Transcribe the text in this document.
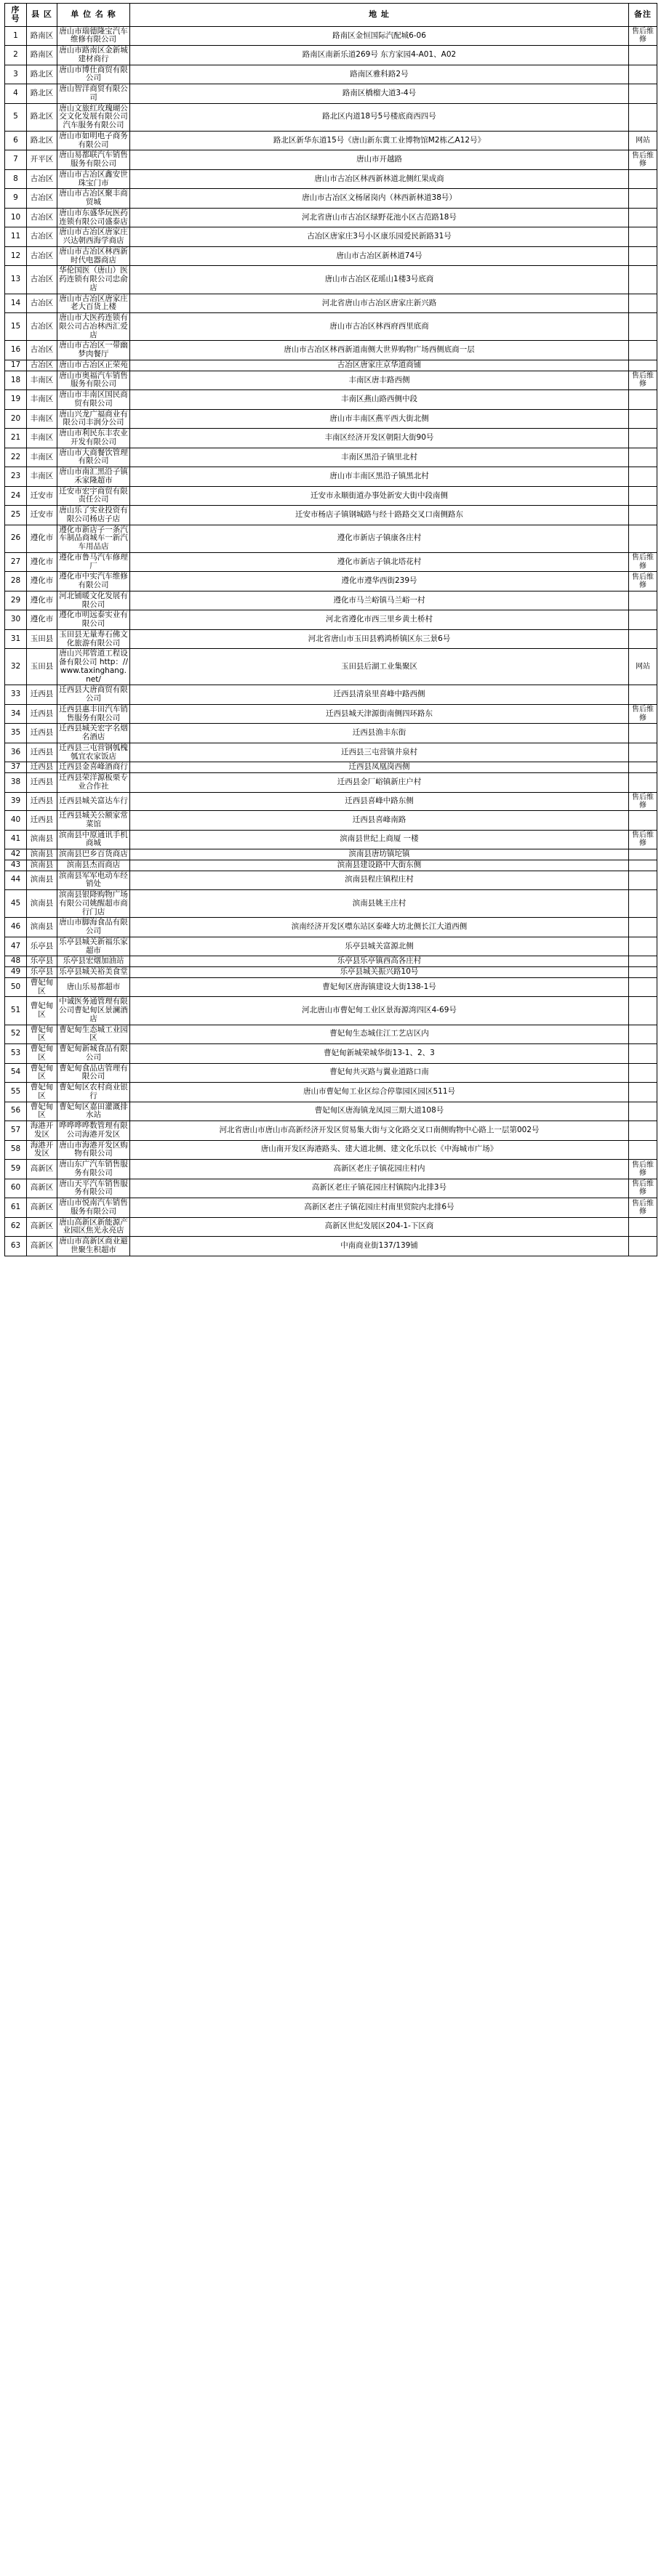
序 号	县 区	单 位 名 称	地 址	备注
1	路南区	唐山市瑞德隆宝汽车维修有限公司	路南区金恒国际汽配城6-06	售后维修
2	路南区	唐山市路南区金新城建材商行	路南区南新乐道269号 东方家园4-A01、A02	
3	路北区	唐山市博仕商贸有限公司	路南区雅科路2号	
4	路北区	唐山智洋商贸有限公司	路南区橋榴大道3-4号	
5	路北区	唐山文旅红玫瑰瑚公交文化发展有限公司汽车服务有限公司	路北区内道18号5号楼底商西四号	
6	路北区	唐山市如明电子商务有限公司	路北区新华东道15号《唐山新东冀工业博物馆M2栋乙A12号》	网站
7	开平区	唐山易都联汽车销售服务有限公司	唐山市开越路	售后维修
8	古冶区	唐山市古冶区鑫安世珠宝门市	唐山市古冶区林西新林道北侧红果成商	
9	古冶区	唐山市古冶区聚丰商贸城	唐山市古冶区文杨屠岗内（林西新林道38号）	
10	古冶区	唐山市东盛华玩医药连锁有限公司盛泰店	河北省唐山市古冶区绿野花池小区古范路18号	
11	古冶区	唐山市古冶区唐家庄兴达朝西海学商店	古冶区唐家庄3号小区康乐园爱民新路31号	
12	古冶区	唐山市古冶区林西新时代电器商店	唐山市古冶区新林道74号	
13	古冶区	华伦国医（唐山）医药连锁有限公司忠俞店	唐山市古冶区花瑶山1楼3号底商	
14	古冶区	唐山市古冶区唐家庄老大百货上楼	河北省唐山市古冶区唐家庄新兴路	
15	古冶区	唐山市大医药连锁有限公司古冶林西汇爱店	唐山市古冶区林西府西里底商	
16	古冶区	唐山市古冶区一带幽梦肉餐厅	唐山市古冶区林西新道南侧大世界购物广场西侧底商一层	
17	古冶区	唐山市古冶区正荣苑	古冶区唐家庄京华道商铺	
18	丰南区	唐山市奥福汽车销售服务有限公司	丰南区唐丰路西侧	售后维修
19	丰南区	唐山市丰南区国民商贸有限公司	丰南区燕山路西侧中段	
20	丰南区	唐山兴龙广福商业有限公司丰润分公司	唐山市丰南区燕平西大街北侧	
21	丰南区	唐山市利民东丰农业开发有限公司	丰南区经济开发区朝阳大街90号	
22	丰南区	唐山市大商餐饮管理有限公司	丰南区黑沿子镇里北村	
23	丰南区	唐山市南汇黑沿子镇禾家隆超市	唐山市丰南区黑沿子镇黑北村	
24	迁安市	迁安市宏宇商贸有限责任公司	迁安市永顺街道办事处新安大街中段南侧	
25	迁安市	唐山乐了实业投资有限公司杨店子店	迁安市杨店子镇钢城路与经十路路交叉口南侧路东	
26	遵化市	遵化市新店子一条汽车制品商城车一新汽车用品店	遵化市新店子镇康各庄村	
27	遵化市	遵化市鲁马汽车修理厂	遵化市新店子镇北塔花村	售后维修
28	遵化市	遵化市中实汽车维修有限公司	遵化市遵华西街239号	售后维修
29	遵化市	河北铺暖文化发展有限公司	遵化市马兰峪镇马兰峪一村	
30	遵化市	遵化市明远泰实业有限公司	河北省遵化市西三里乡黄土桥村	
31	玉田县	玉田县无量寿石佛文化旅游有限公司	河北省唐山市玉田县鸦鸿桥镇区东三景6号	
32	玉田县	唐山兴邦管道工程设备有限公司 http：//www.taxinghang.net/	玉田县后湖工业集聚区	网站
33	迁西县	迁西县大唐商贸有限公司	迁西县清泉里喜峰中路西侧	
34	迁西县	迁西县惠丰田汽车销售服务有限公司	迁西县城天津源街南侧四环路东	售后维修
35	迁西县	迁西县城关宏字名烟名酒店	迁西县渔丰东街	
36	迁西县	迁西县三屯营钢瓠槐瓠宜农家饭店	迁西县三屯营镇井泉村	
37	迁西县	迁西县金喜峰酒商行	迁西县凤凰岗西侧	
38	迁西县	迁西县荣洋源板栗专业合作社	迁西县金厂峪镇新庄户村	
39	迁西县	迁西县城关富达车行	迁西县喜峰中路东侧	售后维修
40	迁西县	迁西县城关公额家常菜馆	迁西县喜峰南路	
41	滨南县	滨南县中原通讯手机商城	滨南县世纪上商厦 一楼	售后维修
42	滨南县	滨南县巴乡百货商店	滨南县唐坊镇坨镇	
43	滨南县	滨南县杰而商店	滨南县建设路中大街东侧	
44	滨南县	滨南县军军电动车经销处	滨南县程庄镇程庄村	
45	滨南县	滨南县银降购物广场有限公司姚醒超市商行门店	滨南县姚王庄村	
46	滨南县	唐山市脚海食品有限公司	滨南经济开发区噤东站区泰峰大坊北侧长江大道西侧	
47	乐亭县	乐亭县城关新福乐家超市	乐亭县城关富源北侧	
48	乐亭县	乐亭县宏烟加油站	乐亭县乐亭镇西高各庄村	
49	乐亭县	乐亭县城关裕美食堂	乐亭县城关振兴路10号	
50	曹妃甸区	唐山乐易都超市	曹妃甸区唐海镇建设大街138-1号	
51	曹妃甸区	中诚医务通管理有限公司曹妃甸区景澜酒店	河北唐山市曹妃甸工业区景海源湾四区4-69号	
52	曹妃甸区	曹妃甸生态城工业园区	曹妃甸生态城住江工艺店区内	
53	曹妃甸区	曹妃甸新城食品有限公司	曹妃甸新城荣城华街13-1、2、3	
54	曹妃甸区	曹妃甸食品店管理有限公司	曹妃甸共灭路与翼业道路口南	
55	曹妃甸区	曹妃甸区农村商业银行	唐山市曹妃甸工业区综合停靠园区园区511号	
56	曹妃甸区	曹妃甸区嘉田灌溉排水站	曹妃甸区唐海镇龙凤园三期大道108号	
57	海港开发区	哗哗哗哗数管理有限公司海港开发区	河北省唐山市唐山市高新经济开发区贸易集大街与文化路交叉口南侧购物中心路上一层第002号	
58	海港开发区	唐山市海港开发区购物有限公司	唐山南开发区海港路头、建大道北侧、建文化乐以长《中海城市广场》	
59	高新区	唐山东广汽车销售服务有限公司	高新区老庄子镇花园庄村内	售后维修
60	高新区	唐山天平汽车销售服务有限公司	高新区老庄子镇花园庄村镇院内北排3号	售后维修
61	高新区	唐山市悦南汽车销售服务有限公司	高新区老庄子镇花园庄村南里贸院内北排6号	售后维修
62	高新区	唐山高新区新能源产业园区焦光永亮店	高新区世纪发展区204-1-下区商	
63	高新区	唐山市高新区商业避世聚生积超市	中南商业街137/139铺	
